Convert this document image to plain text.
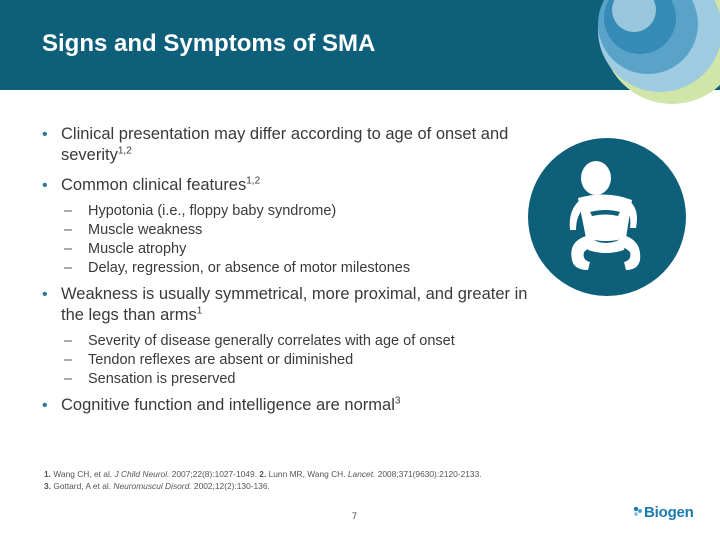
Signs and Symptoms of SMA
• Clinical presentation may differ according to age of onset and severity$^{1,2}$
• Common clinical features$^{1,2}$
– Hypotonia (i.e., floppy baby syndrome)
– Muscle weakness
– Muscle atrophy
– Delay, regression, or absence of motor milestones
• Weakness is usually symmetrical, more proximal, and greater in the legs than arms$^1$
– Severity of disease generally correlates with age of onset
– Tendon reflexes are absent or diminished
– Sensation is preserved
• Cognitive function and intelligence are normal$^3$
1. Wang CH, et al. J Child Neurol. 2007;22(8):1027-1049. 2. Lunn MR, Wang CH. Lancet. 2008;371(9630):2120-2133.
3. Gottard, A et al. Neuromuscul Disord. 2002;12(2):130-136.
7	Biogen
